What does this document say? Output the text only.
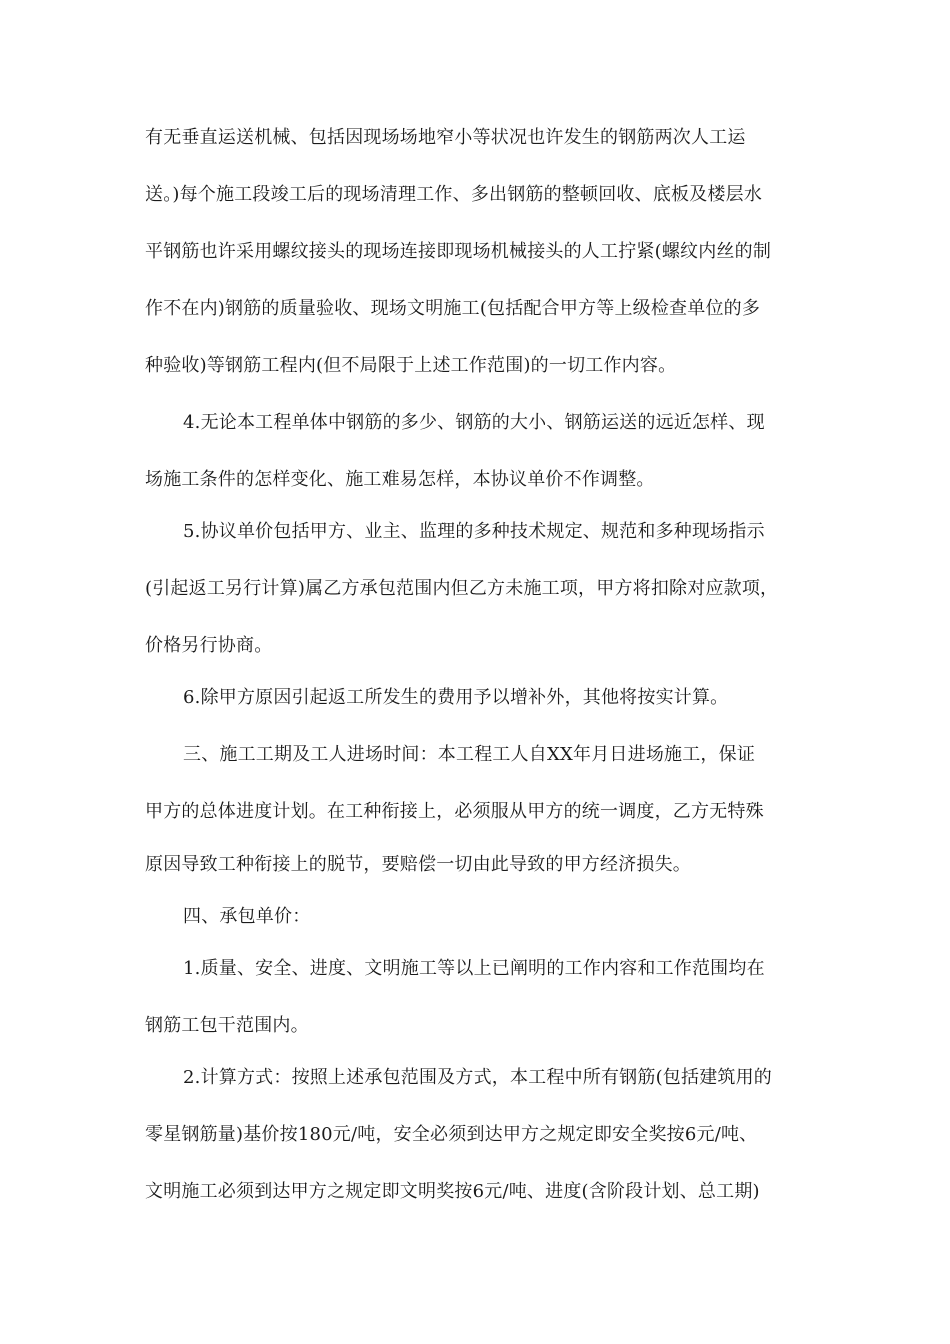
有无垂直运送机械、包括因现场场地窄小等状况也许发生的钢筋两次人工运
送。)每个施工段竣工后的现场清理工作、多出钢筋的整顿回收、底板及楼层水
平钢筋也许采用螺纹接头的现场连接即现场机械接头的人工拧紧(螺纹内丝的制
作不在内)钢筋的质量验收、现场文明施工(包括配合甲方等上级检查单位的多
种验收)等钢筋工程内(但不局限于上述工作范围)的一切工作内容。
4.无论本工程单体中钢筋的多少、钢筋的大小、钢筋运送的远近怎样、现
场施工条件的怎样变化、施工难易怎样，本协议单价不作调整。
5.协议单价包括甲方、业主、监理的多种技术规定、规范和多种现场指示
(引起返工另行计算)属乙方承包范围内但乙方未施工项，甲方将扣除对应款项，
价格另行协商。
6.除甲方原因引起返工所发生的费用予以增补外，其他将按实计算。
三、施工工期及工人进场时间：本工程工人自XX年月日进场施工，保证
甲方的总体进度计划。在工种衔接上，必须服从甲方的统一调度，乙方无特殊
原因导致工种衔接上的脱节，要赔偿一切由此导致的甲方经济损失。
四、承包单价：
1.质量、安全、进度、文明施工等以上已阐明的工作内容和工作范围均在
钢筋工包干范围内。
2.计算方式：按照上述承包范围及方式，本工程中所有钢筋(包括建筑用的
零星钢筋量)基价按180元/吨，安全必须到达甲方之规定即安全奖按6元/吨、
文明施工必须到达甲方之规定即文明奖按6元/吨、进度(含阶段计划、总工期)
